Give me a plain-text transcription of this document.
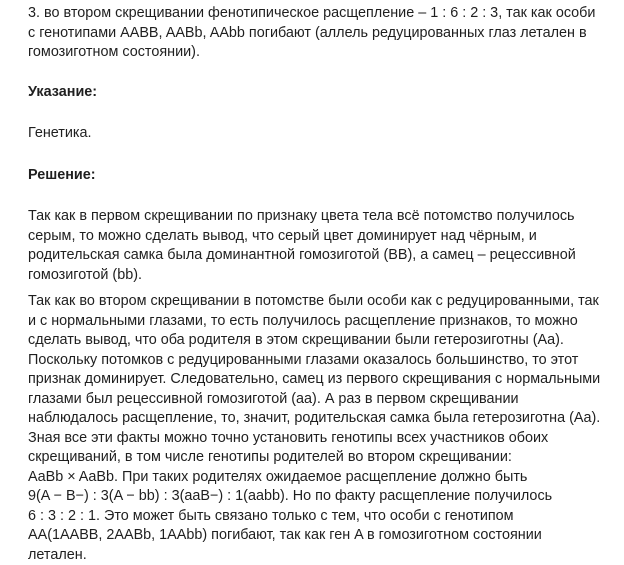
3. во втором скрещивании фенотипическое расщепление – 1 : 6 : 2 : 3, так как особи
с генотипами AABB, AABb, AAbb погибают (аллель редуцированных глаз летален в
гомозиготном состоянии).
Указание:
Генетика.
Решение:
Так как в первом скрещивании по признаку цвета тела всё потомство получилось
серым, то можно сделать вывод, что серый цвет доминирует над чёрным, и
родительская самка была доминантной гомозиготой (BB), а самец – рецессивной
гомозиготой (bb).
Так как во втором скрещивании в потомстве были особи как с редуцированными, так
и с нормальными глазами, то есть получилось расщепление признаков, то можно
сделать вывод, что оба родителя в этом скрещивании были гетерозиготны (Aa).
Поскольку потомков с редуцированными глазами оказалось большинство, то этот
признак доминирует. Следовательно, самец из первого скрещивания с нормальными
глазами был рецессивной гомозиготой (aa). А раз в первом скрещивании
наблюдалось расщепление, то, значит, родительская самка была гетерозиготна (Aa).
Зная все эти факты можно точно установить генотипы всех участников обоих
скрещиваний, в том числе генотипы родителей во втором скрещивании:
AaBb × AaBb. При таких родителях ожидаемое расщепление должно быть
9(A − B−) : 3(A − bb) : 3(aaB−) : 1(aabb). Но по факту расщепление получилось
6 : 3 : 2 : 1. Это может быть связано только с тем, что особи с генотипом
AA(1AABB, 2AABb, 1AAbb) погибают, так как ген A в гомозиготном состоянии
летален.
